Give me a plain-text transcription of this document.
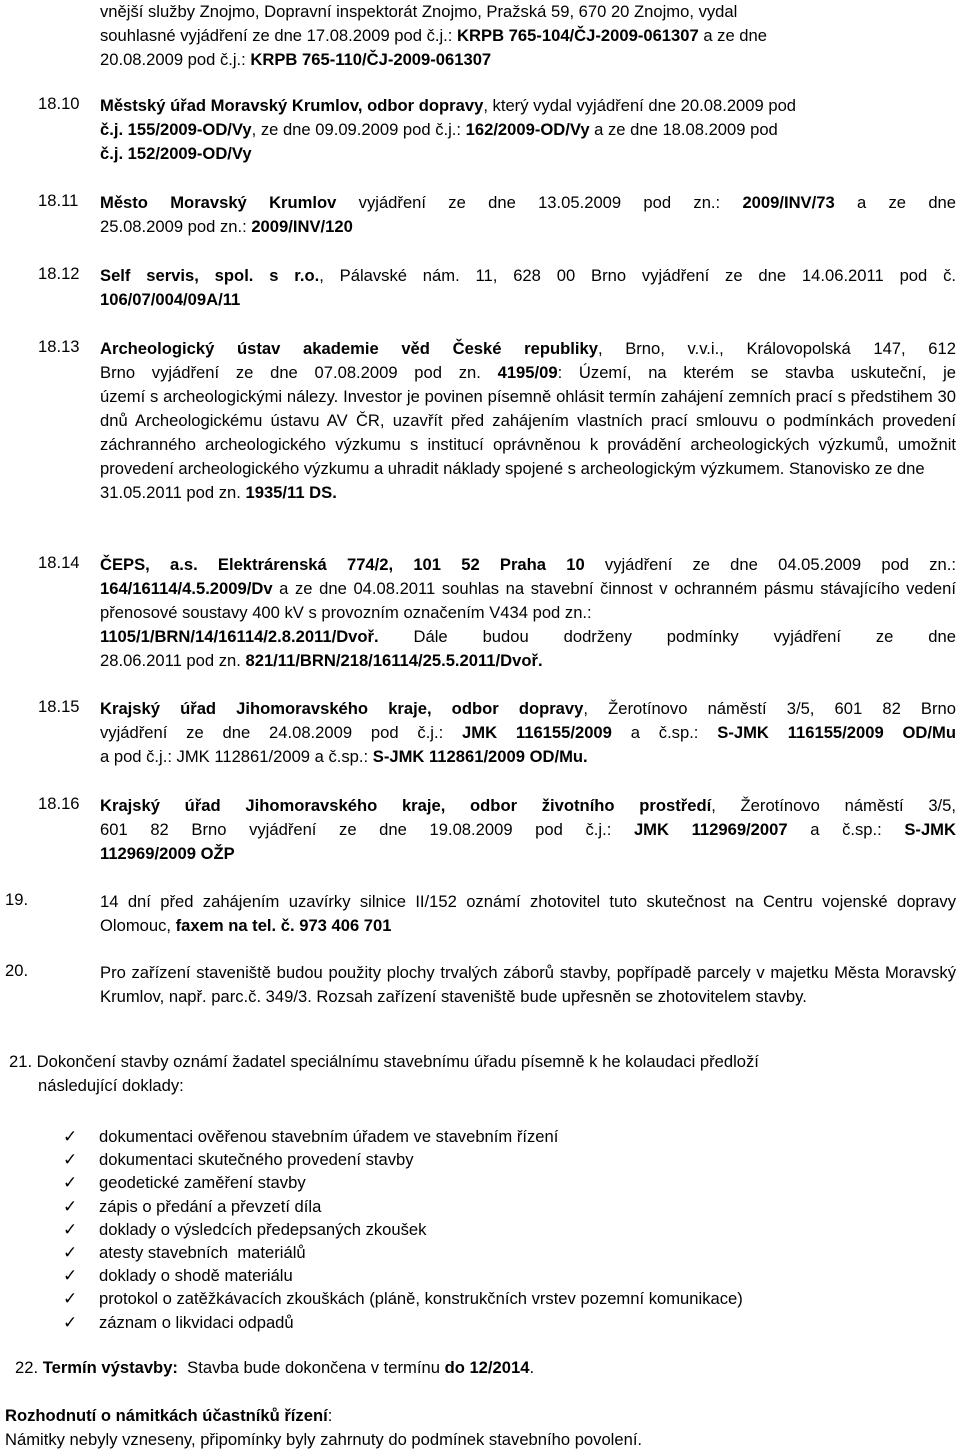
vnější služby Znojmo, Dopravní inspektorát Znojmo, Pražská 59, 670 20 Znojmo, vydal
souhlasné vyjádření ze dne 17.08.2009 pod č.j.: KRPB 765-104/ČJ-2009-061307 a ze dne
20.08.2009 pod č.j.: KRPB 765-110/ČJ-2009-061307
18.10 Městský úřad Moravský Krumlov, odbor dopravy, který vydal vyjádření dne 20.08.2009 pod
č.j. 155/2009-OD/Vy, ze dne 09.09.2009 pod č.j.: 162/2009-OD/Vy a ze dne 18.08.2009 pod
č.j. 152/2009-OD/Vy
18.11 Město Moravský Krumlov vyjádření ze dne 13.05.2009 pod zn.: 2009/INV/73 a ze dne
25.08.2009 pod zn.: 2009/INV/120
18.12 Self servis, spol. s r.o., Pálavské nám. 11, 628 00 Brno vyjádření ze dne 14.06.2011 pod č.
106/07/004/09A/11
18.13 Archeologický ústav akademie věd České republiky, Brno, v.v.i., Královopolská 147, 612
Brno vyjádření ze dne 07.08.2009 pod zn. 4195/09: Území, na kterém se stavba uskuteční, je
území s archeologickými nálezy. Investor je povinen písemně ohlásit termín zahájení zemních prací s předstihem 30 dnů Archeologickému ústavu AV ČR, uzavřít před zahájením vlastních prací smlouvu o podmínkách provedení záchranného archeologického výzkumu s institucí oprávněnou k provádění archeologických výzkumů, umožnit provedení archeologického výzkumu a uhradit náklady spojené s archeologickým výzkumem. Stanovisko ze dne
31.05.2011 pod zn. 1935/11 DS.
18.14 ČEPS, a.s. Elektrárenská 774/2, 101 52 Praha 10 vyjádření ze dne 04.05.2009 pod zn.:
164/16114/4.5.2009/Dv a ze dne 04.08.2011 souhlas na stavební činnost v ochranném pásmu stávajícího vedení přenosové soustavy 400 kV s provozním označením V434 pod zn.:
1105/1/BRN/14/16114/2.8.2011/Dvoř. Dále budou dodrženy podmínky vyjádření ze dne
28.06.2011 pod zn. 821/11/BRN/218/16114/25.5.2011/Dvoř.
18.15 Krajský úřad Jihomoravského kraje, odbor dopravy, Žerotínovo náměstí 3/5, 601 82 Brno
vyjádření ze dne 24.08.2009 pod č.j.: JMK 116155/2009 a č.sp.: S-JMK 116155/2009 OD/Mu
a pod č.j.: JMK 112861/2009 a č.sp.: S-JMK 112861/2009 OD/Mu.
18.16 Krajský úřad Jihomoravského kraje, odbor životního prostředí, Žerotínovo náměstí 3/5,
601 82 Brno vyjádření ze dne 19.08.2009 pod č.j.: JMK 112969/2007 a č.sp.: S-JMK
112969/2009 OŽP
19.	14 dní před zahájením uzavírky silnice II/152 oznámí zhotovitel tuto skutečnost na Centru vojenské dopravy Olomouc, faxem na tel. č. 973 406 701
20.	Pro zařízení staveniště budou použity plochy trvalých záborů stavby, popřípadě parcely v majetku Města Moravský Krumlov, např. parc.č. 349/3. Rozsah zařízení staveniště bude upřesněn se zhotovitelem stavby.
21. Dokončení stavby oznámí žadatel speciálnímu stavebnímu úřadu písemně k he kolaudaci předloží
následující doklady:
✓	dokumentaci ověřenou stavebním úřadem ve stavebním řízení
✓	dokumentaci skutečného provedení stavby
✓	geodetické zaměření stavby
✓	zápis o předání a převzetí díla
✓	doklady o výsledcích předepsaných zkoušek
✓	atesty stavebních  materiálů
✓	doklady o shodě materiálu
✓	protokol o zatěžkávacích zkouškách (pláně, konstrukčních vrstev pozemní komunikace)
✓	záznam o likvidaci odpadů
22. Termín výstavby:  Stavba bude dokončena v termínu do 12/2014.
Rozhodnutí o námitkách účastníků řízení:
Námitky nebyly vzneseny, připomínky byly zahrnuty do podmínek stavebního povolení.
